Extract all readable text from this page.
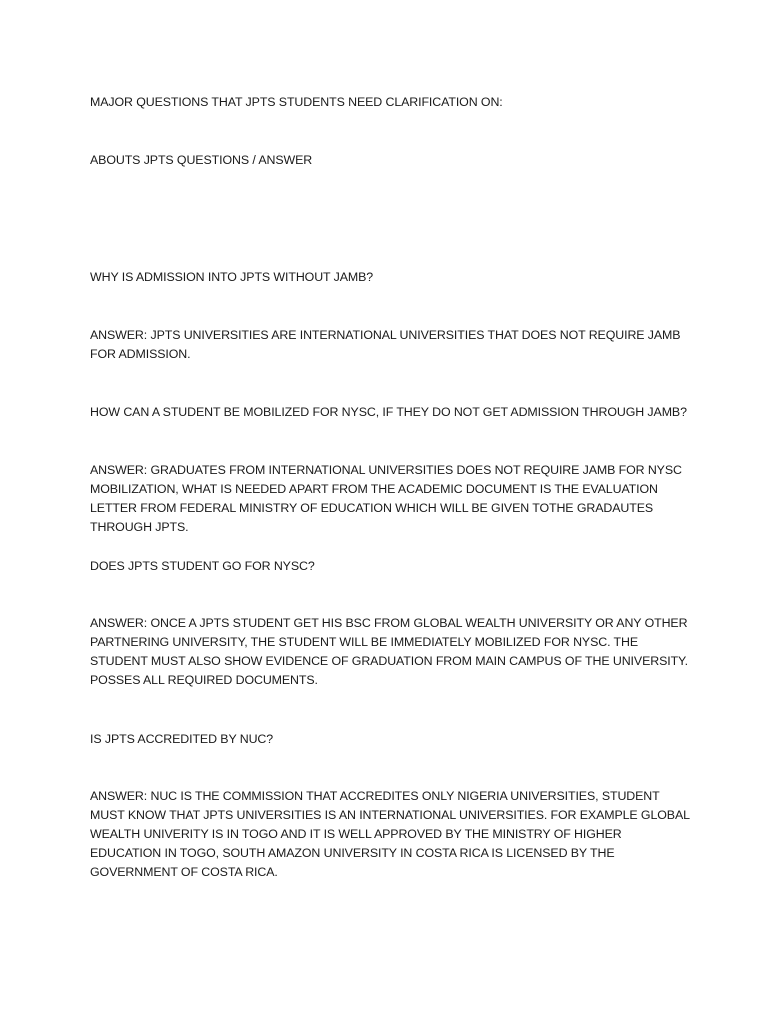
MAJOR QUESTIONS THAT JPTS STUDENTS NEED CLARIFICATION ON:

ABOUTS JPTS QUESTIONS / ANSWER

WHY IS ADMISSION INTO JPTS WITHOUT JAMB?

ANSWER: JPTS UNIVERSITIES ARE INTERNATIONAL UNIVERSITIES THAT DOES NOT REQUIRE JAMB FOR ADMISSION.

HOW CAN A STUDENT BE MOBILIZED FOR NYSC, IF THEY DO NOT GET ADMISSION THROUGH JAMB?

ANSWER: GRADUATES FROM INTERNATIONAL UNIVERSITIES DOES NOT REQUIRE JAMB FOR NYSC MOBILIZATION, WHAT IS NEEDED APART FROM THE ACADEMIC DOCUMENT IS THE EVALUATION LETTER FROM FEDERAL MINISTRY OF EDUCATION WHICH WILL BE GIVEN TOTHE GRADAUTES THROUGH JPTS.

DOES JPTS STUDENT GO FOR NYSC?

ANSWER: ONCE A JPTS STUDENT GET HIS BSC FROM GLOBAL WEALTH UNIVERSITY OR ANY OTHER PARTNERING UNIVERSITY, THE STUDENT WILL BE IMMEDIATELY MOBILIZED FOR NYSC. THE STUDENT MUST ALSO SHOW EVIDENCE OF GRADUATION FROM MAIN CAMPUS OF THE UNIVERSITY. POSSES ALL REQUIRED DOCUMENTS.

IS JPTS ACCREDITED BY NUC?

ANSWER: NUC IS THE COMMISSION THAT ACCREDITES ONLY NIGERIA UNIVERSITIES, STUDENT MUST KNOW THAT JPTS UNIVERSITIES IS AN INTERNATIONAL UNIVERSITIES. FOR EXAMPLE GLOBAL WEALTH UNIVERITY IS IN TOGO AND IT IS WELL APPROVED BY THE MINISTRY OF HIGHER EDUCATION IN TOGO, SOUTH AMAZON UNIVERSITY IN COSTA RICA IS LICENSED BY THE GOVERNMENT OF COSTA RICA.
